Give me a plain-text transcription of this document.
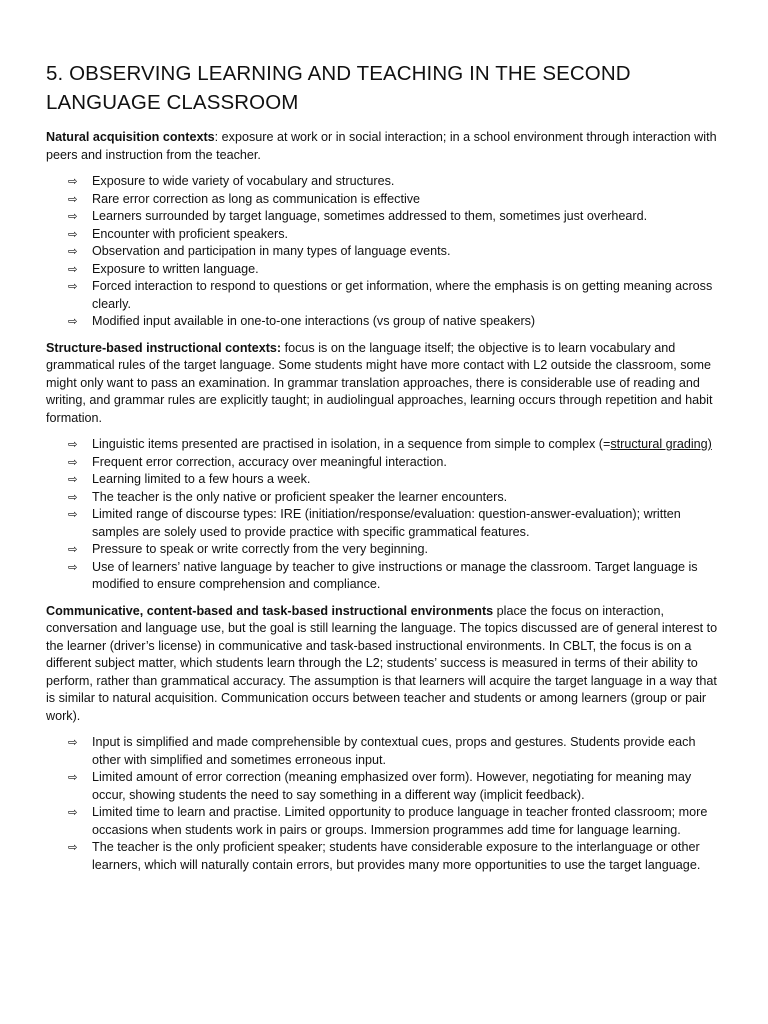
5. OBSERVING LEARNING AND TEACHING IN THE SECOND LANGUAGE CLASSROOM

Natural acquisition contexts: exposure at work or in social interaction; in a school environment through interaction with peers and instruction from the teacher.

⇨ Exposure to wide variety of vocabulary and structures.
⇨ Rare error correction as long as communication is effective
⇨ Learners surrounded by target language, sometimes addressed to them, sometimes just overheard.
⇨ Encounter with proficient speakers.
⇨ Observation and participation in many types of language events.
⇨ Exposure to written language.
⇨ Forced interaction to respond to questions or get information, where the emphasis is on getting meaning across clearly.
⇨ Modified input available in one-to-one interactions (vs group of native speakers)

Structure-based instructional contexts: focus is on the language itself; the objective is to learn vocabulary and grammatical rules of the target language. Some students might have more contact with L2 outside the classroom, some might only want to pass an examination. In grammar translation approaches, there is considerable use of reading and writing, and grammar rules are explicitly taught; in audiolingual approaches, learning occurs through repetition and habit formation.

⇨ Linguistic items presented are practised in isolation, in a sequence from simple to complex (=structural grading)
⇨ Frequent error correction, accuracy over meaningful interaction.
⇨ Learning limited to a few hours a week.
⇨ The teacher is the only native or proficient speaker the learner encounters.
⇨ Limited range of discourse types: IRE (initiation/response/evaluation: question-answer-evaluation); written samples are solely used to provide practice with specific grammatical features.
⇨ Pressure to speak or write correctly from the very beginning.
⇨ Use of learners’ native language by teacher to give instructions or manage the classroom. Target language is modified to ensure comprehension and compliance.

Communicative, content-based and task-based instructional environments place the focus on interaction, conversation and language use, but the goal is still learning the language. The topics discussed are of general interest to the learner (driver’s license) in communicative and task-based instructional environments. In CBLT, the focus is on a different subject matter, which students learn through the L2; students’ success is measured in terms of their ability to perform, rather than grammatical accuracy. The assumption is that learners will acquire the target language in a way that is similar to natural acquisition. Communication occurs between teacher and students or among learners (group or pair work).

⇨ Input is simplified and made comprehensible by contextual cues, props and gestures. Students provide each other with simplified and sometimes erroneous input.
⇨ Limited amount of error correction (meaning emphasized over form). However, negotiating for meaning may occur, showing students the need to say something in a different way (implicit feedback).
⇨ Limited time to learn and practise. Limited opportunity to produce language in teacher fronted classroom; more occasions when students work in pairs or groups. Immersion programmes add time for language learning.
⇨ The teacher is the only proficient speaker; students have considerable exposure to the interlanguage or other learners, which will naturally contain errors, but provides many more opportunities to use the target language.
